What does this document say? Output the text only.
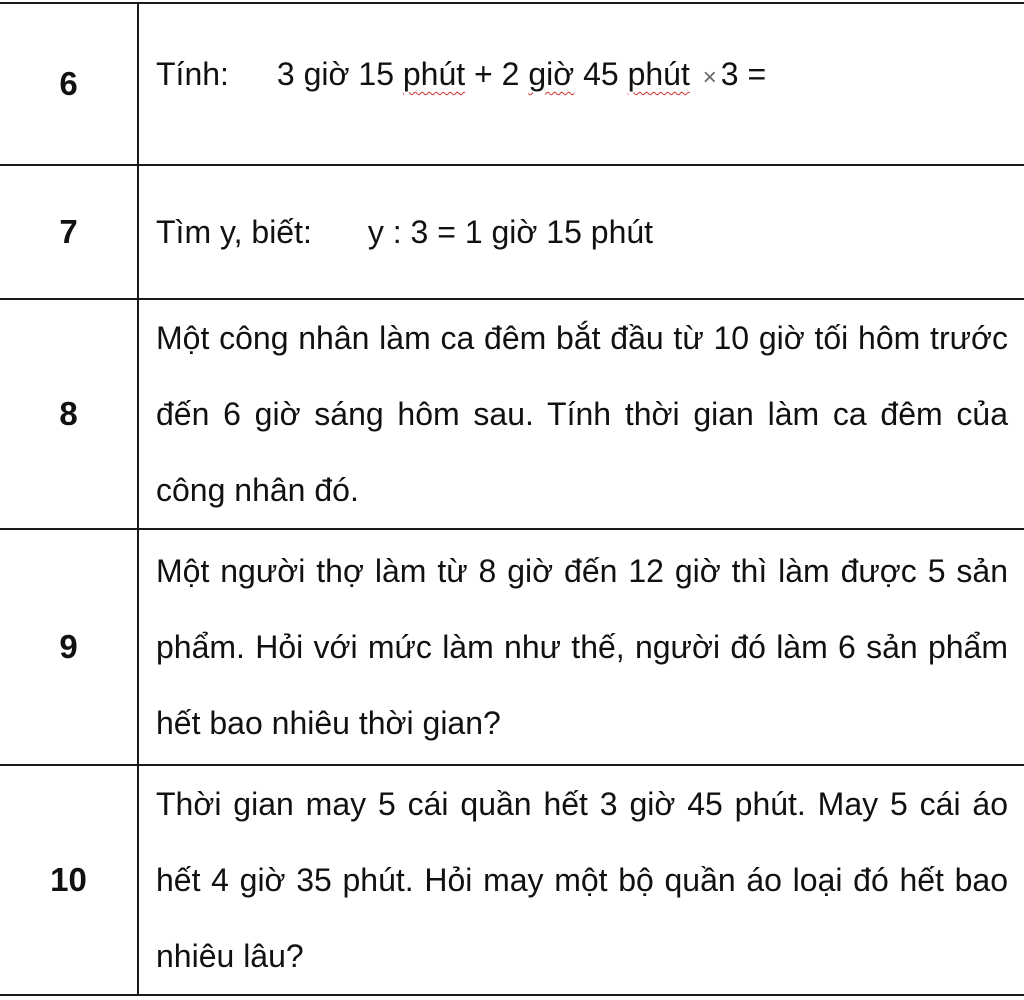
6	Tính: 3 giờ 15 phút + 2 giờ 45 phút × 3 =
7	Tìm y, biết: y : 3 = 1 giờ 15 phút
8	Một công nhân làm ca đêm bắt đầu từ 10 giờ tối hôm trước đến 6 giờ sáng hôm sau. Tính thời gian làm ca đêm của công nhân đó.
9	Một người thợ làm từ 8 giờ đến 12 giờ thì làm được 5 sản phẩm. Hỏi với mức làm như thế, người đó làm 6 sản phẩm hết bao nhiêu thời gian?
10	Thời gian may 5 cái quần hết 3 giờ 45 phút. May 5 cái áo hết 4 giờ 35 phút. Hỏi may một bộ quần áo loại đó hết bao nhiêu lâu?
